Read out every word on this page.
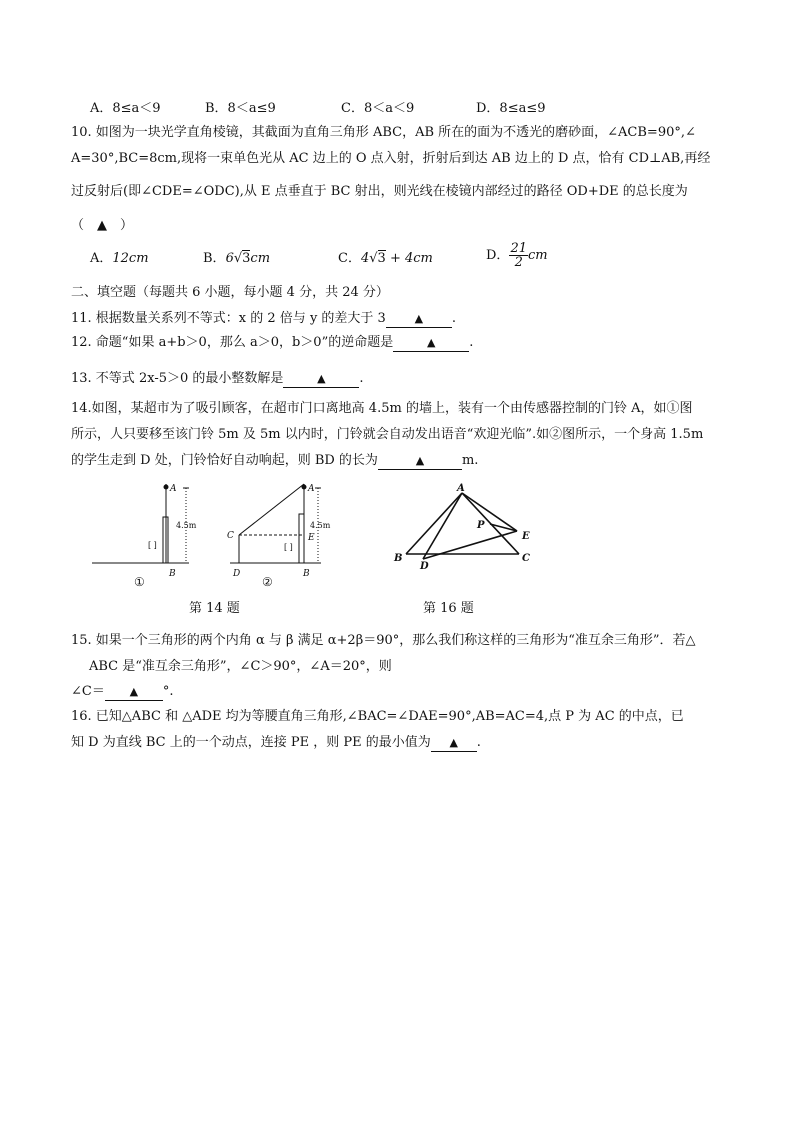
A．8≤a＜9	B．8＜a≤9	C．8＜a＜9	D．8≤a≤9
10. 如图为一块光学直角棱镜，其截面为直角三角形 ABC，AB 所在的面为不透光的磨砂面，∠ACB=90°,∠
A=30°,BC=8cm,现将一束单色光从 AC 边上的 O 点入射，折射后到达 AB 边上的 D 点，恰有 CD⊥AB,再经
过反射后(即∠CDE=∠ODC),从 E 点垂直于 BC 射出，则光线在棱镜内部经过的路径 OD+DE 的总长度为
（　▲　）
A．12cm	B．6√3cm	C．4√3 + 4cm	D． $\frac{21}{2}$ cm
二、填空题（每题共 6 小题，每小题 4 分，共 24 分）
11. 根据数量关系列不等式：x 的 2 倍与 y 的差大于 3	▲ .
12. 命题“如果 a+b＞0，那么 a＞0，b＞0”的逆命题是	▲	.
13. 不等式 2x-5＞0 的最小整数解是	▲	.
14.如图，某超市为了吸引顾客，在超市门口离地高 4.5m 的墙上，装有一个由传感器控制的门铃 A，如①图
所示，人只要移至该门铃 5m 及 5m 以内时，门铃就会自动发出语音“欢迎光临”.如②图所示，一个身高 1.5m
的学生走到 D 处，门铃恰好自动响起，则 BD 的长为	▲	m.
A
B
4.5m
[ ]
①
A
B
C
D
E
4.5m
[ ]
②
A
B	C
D
E
P
第 14 题	第 16 题
15. 如果一个三角形的两个内角 α 与 β 满足 α+2β＝90°，那么我们称这样的三角形为“准互余三角形”．若△
ABC 是“准互余三角形”，∠C＞90°，∠A＝20°，则
∠C＝ ▲ °.
16. 已知△ABC 和 △ADE 均为等腰直角三角形,∠BAC=∠DAE=90°,AB=AC=4,点 P 为 AC 的中点，已
知 D 为直线 BC 上的一个动点，连接 PE ，则 PE 的最小值为 ▲ .
